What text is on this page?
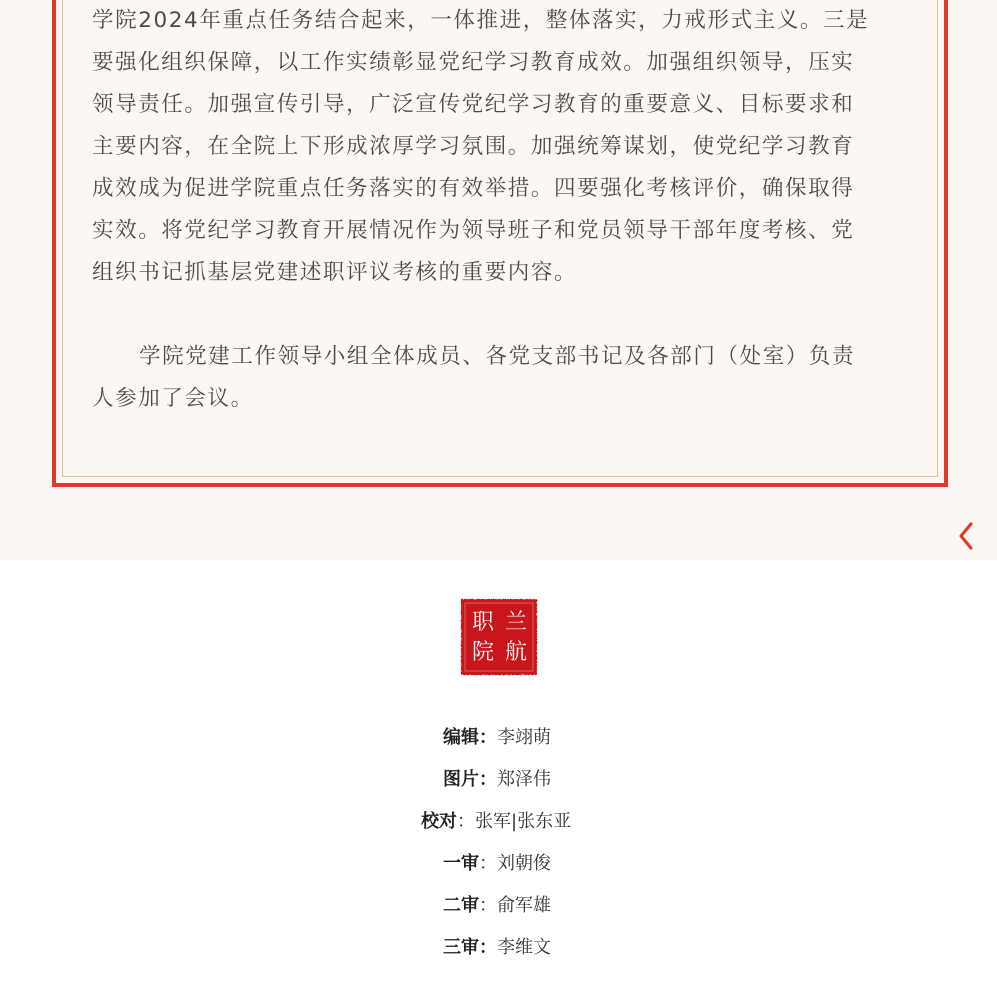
学院2024年重点任务结合起来，一体推进，整体落实，力戒形式主义。三是

要强化组织保障，以工作实绩彰显党纪学习教育成效。加强组织领导，压实

领导责任。加强宣传引导，广泛宣传党纪学习教育的重要意义、目标要求和

主要内容，在全院上下形成浓厚学习氛围。加强统筹谋划，使党纪学习教育

成效成为促进学院重点任务落实的有效举措。四要强化考核评价，确保取得

实效。将党纪学习教育开展情况作为领导班子和党员领导干部年度考核、党

组织书记抓基层党建述职评议考核的重要内容。

学院党建工作领导小组全体成员、各党支部书记及各部门（处室）负责

人参加了会议。

兰
航
职
院
编辑：李翊萌
图片：郑泽伟
校对：张军|张东亚
一审：刘朝俊
二审：俞军雄
三审：李维文
